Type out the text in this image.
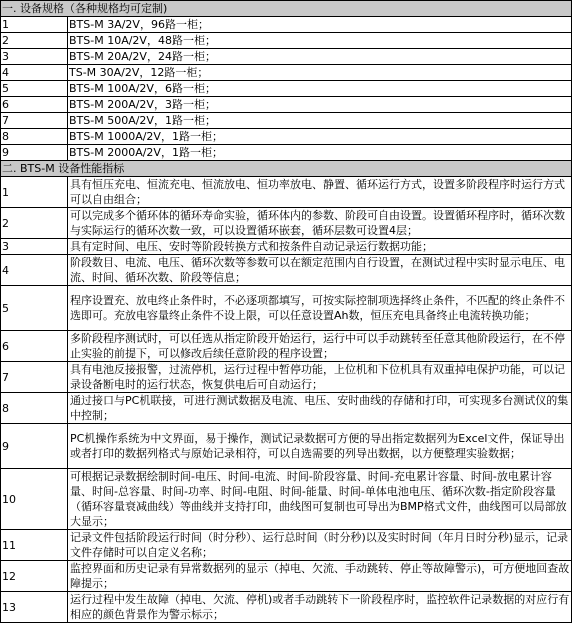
一. 设备规格（各种规格均可定制)	
1	BTS-M 3A/2V，96路一柜；
2	BTS-M 10A/2V，48路一柜；
3	BTS-M 20A/2V，24路一柜；
4	TS-M 30A/2V，12路一柜；
5	BTS-M 100A/2V，6路一柜；
6	BTS-M 200A/2V，3路一柜；
7	BTS-M 500A/2V，1路一柜；
8	BTS-M 1000A/2V，1路一柜；
9	BTS-M 2000A/2V，1路一柜；
二. BTS-M 设备性能指标	
1	具有恒压充电、恒流充电、恒流放电、恒功率放电、静置、循环运行方式，设置多阶段程序时运行方式可以自由组合；
2	可以完成多个循环体的循环寿命实验，循环体内的参数、阶段可自由设置。设置循环程序时，循环次数与实际运行的循环次数一致，可以设置循环嵌套，循环层数可设置4层；
3	具有定时间、电压、安时等阶段转换方式和按条件自动记录运行数据功能；
4	阶段数目、电流、电压、循环次数等参数可以在额定范围内自行设置，在测试过程中实时显示电压、电流、时间、循环次数、阶段等信息；
5	程序设置充、放电终止条件时，不必逐项都填写，可按实际控制项选择终止条件，不匹配的终止条件不选即可。充放电容量终止条件不设上限，可以任意设置Ah数，恒压充电具备终止电流转换功能；
6	多阶段程序测试时，可以任选从指定阶段开始运行，运行中可以手动跳转至任意其他阶段运行，在不停止实验的前提下，可以修改后续任意阶段的程序设置；
7	具有电池反接报警，过流停机，运行过程中暂停功能，上位机和下位机具有双重掉电保护功能，可以记录设备断电时的运行状态，恢复供电后可自动运行；
8	通过接口与PC机联接，可进行测试数据及电流、电压、安时曲线的存储和打印，可实现多台测试仪的集中控制；
9	PC机操作系统为中文界面，易于操作，测试记录数据可方便的导出指定数据列为Excel文件，保证导出或者打印的数据列格式与原始记录相符，可以自选需要的列导出数据，以方便整理实验数据；
10	可根据记录数据绘制时间-电压、时间-电流、时间-阶段容量、时间-充电累计容量、时间-放电累计容量、时间-总容量、时间-功率、时间-电阻、时间-能量、时间-单体电池电压、循环次数-指定阶段容量（循环容量衰减曲线）等曲线并支持打印，曲线图可复制也可导出为BMP格式文件，曲线图可以局部放大显示；
11	记录文件包括阶段运行时间（时分秒）、运行总时间（时分秒)以及实时时间（年月日时分秒)显示，记录文件存储时可以自定义名称；
12	监控界面和历史记录有异常数据列的显示（掉电、欠流、手动跳转、停止等故障警示)，可方便地回查故障提示；
13	运行过程中发生故障（掉电、欠流、停机)或者手动跳转下一阶段程序时，监控软件记录数据的对应行有相应的颜色背景作为警示标示；
